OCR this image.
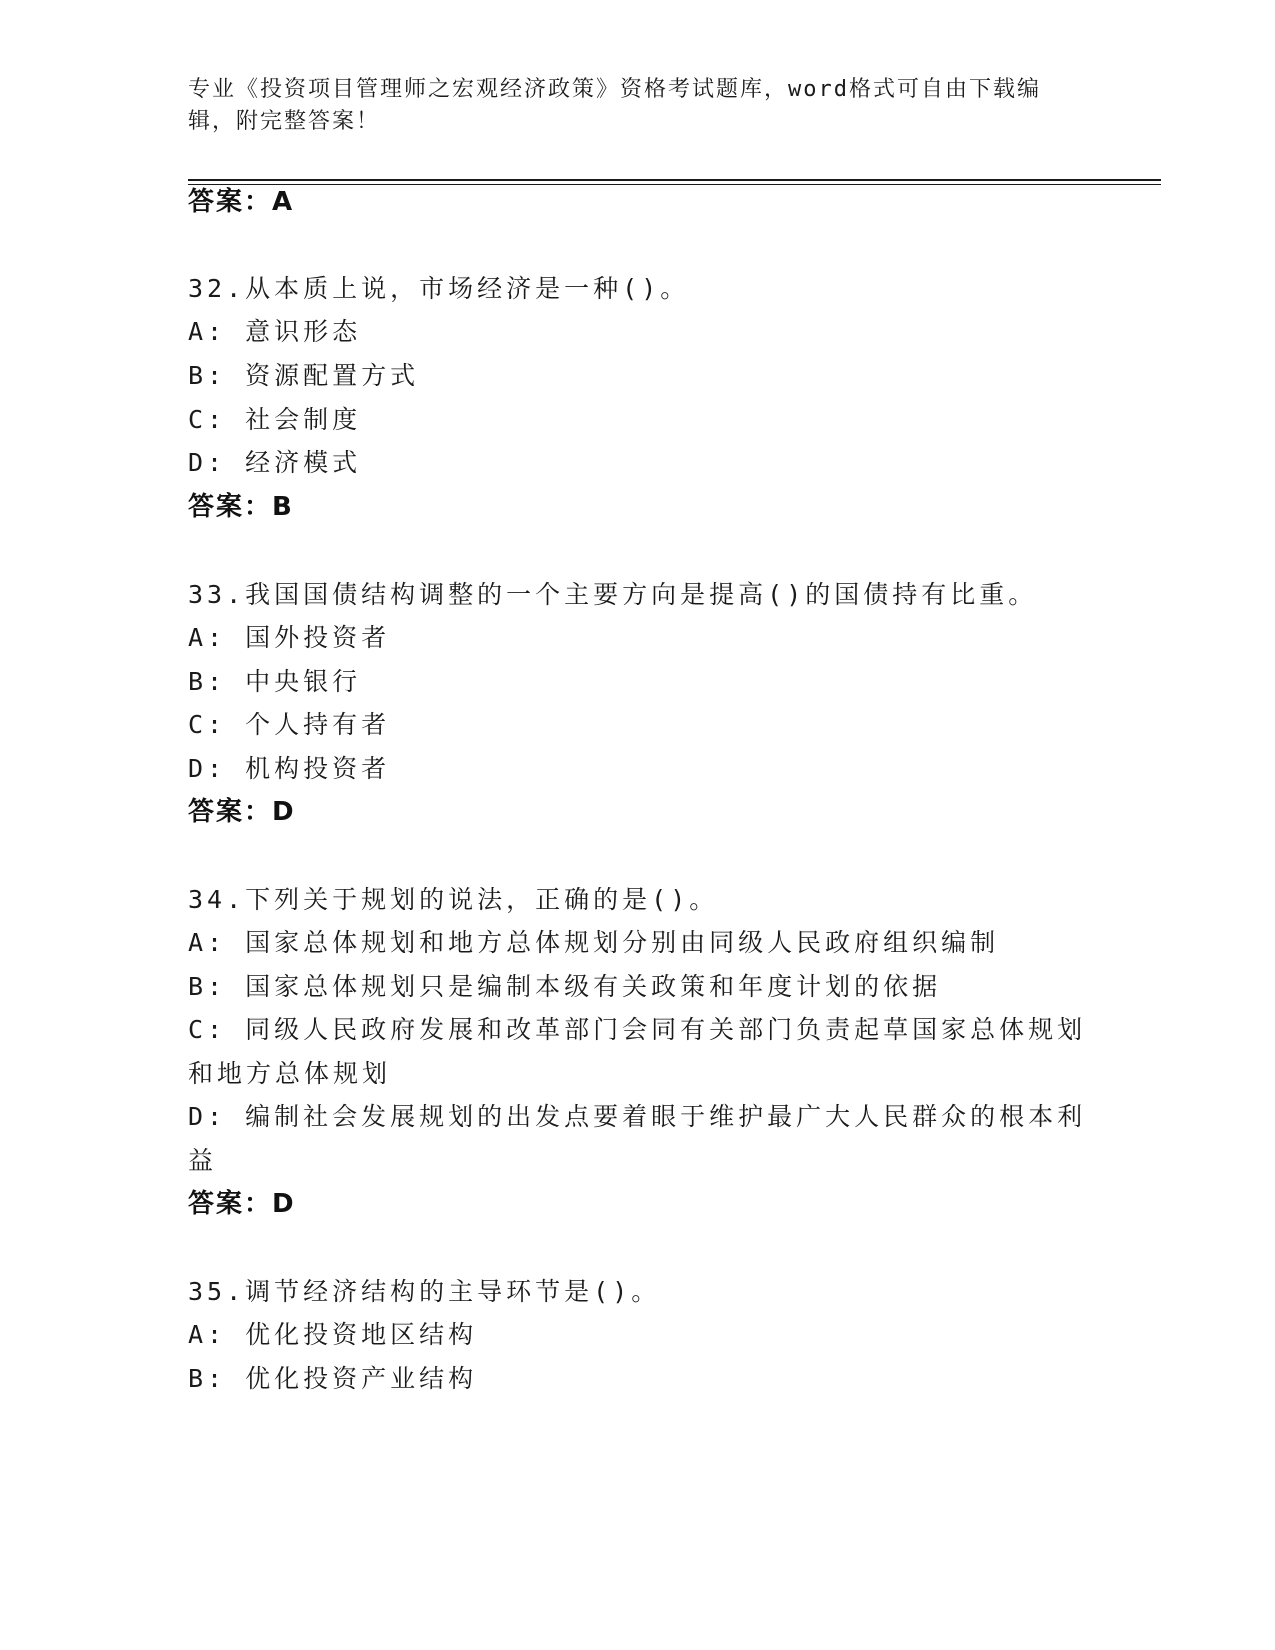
专业《投资项目管理师之宏观经济政策》资格考试题库，word格式可自由下载编
辑，附完整答案！
答案：A
32.从本质上说，市场经济是一种()。
A: 意识形态
B: 资源配置方式
C: 社会制度
D: 经济模式
答案：B
33.我国国债结构调整的一个主要方向是提高()的国债持有比重。
A: 国外投资者
B: 中央银行
C: 个人持有者
D: 机构投资者
答案：D
34.下列关于规划的说法，正确的是()。
A: 国家总体规划和地方总体规划分别由同级人民政府组织编制
B: 国家总体规划只是编制本级有关政策和年度计划的依据
C: 同级人民政府发展和改革部门会同有关部门负责起草国家总体规划
和地方总体规划
D: 编制社会发展规划的出发点要着眼于维护最广大人民群众的根本利
益
答案：D
35.调节经济结构的主导环节是()。
A: 优化投资地区结构
B: 优化投资产业结构
